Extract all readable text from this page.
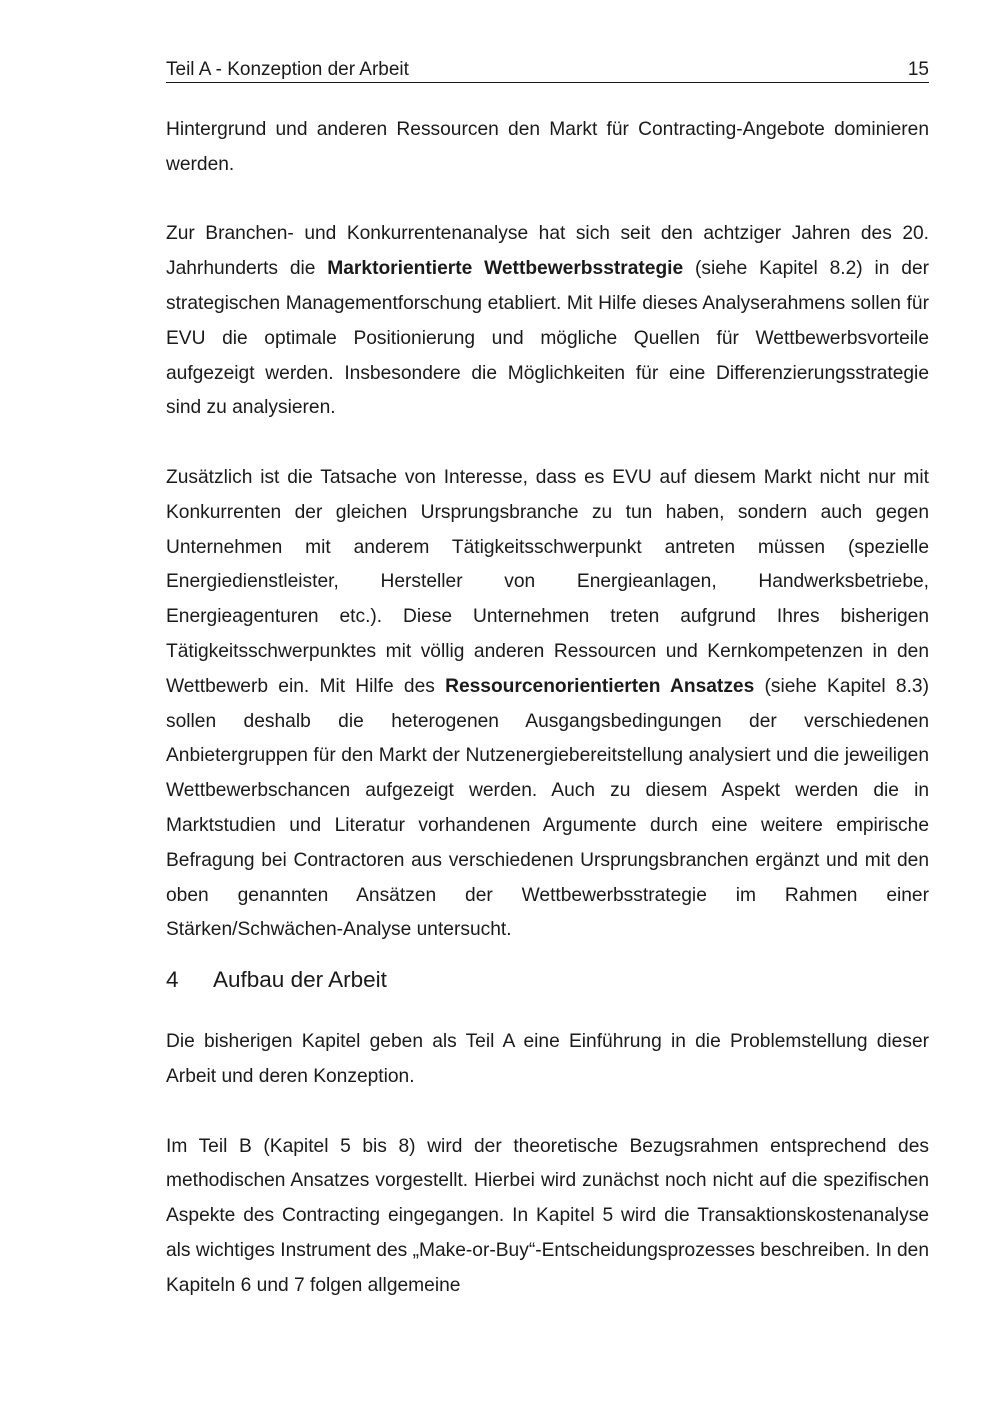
Teil A - Konzeption der Arbeit	15

Hintergrund und anderen Ressourcen den Markt für Contracting-Angebote dominieren werden.

Zur Branchen- und Konkurrentenanalyse hat sich seit den achtziger Jahren des 20. Jahrhunderts die Marktorientierte Wettbewerbsstrategie (siehe Kapitel 8.2) in der strategischen Managementforschung etabliert. Mit Hilfe dieses Analyserahmens sollen für EVU die optimale Positionierung und mögliche Quellen für Wettbewerbsvorteile aufgezeigt werden. Insbesondere die Möglichkeiten für eine Differenzierungsstrategie sind zu analysieren.

Zusätzlich ist die Tatsache von Interesse, dass es EVU auf diesem Markt nicht nur mit Konkurrenten der gleichen Ursprungsbranche zu tun haben, sondern auch gegen Unternehmen mit anderem Tätigkeitsschwerpunkt antreten müssen (spezielle Energiedienstleister, Hersteller von Energieanlagen, Handwerksbetriebe, Energieagenturen etc.). Diese Unternehmen treten aufgrund Ihres bisherigen Tätigkeitsschwerpunktes mit völlig anderen Ressourcen und Kernkompetenzen in den Wettbewerb ein. Mit Hilfe des Ressourcenorientierten Ansatzes (siehe Kapitel 8.3) sollen deshalb die heterogenen Ausgangsbedingungen der verschiedenen Anbietergruppen für den Markt der Nutzenergiebereitstellung analysiert und die jeweiligen Wettbewerbschancen aufgezeigt werden. Auch zu diesem Aspekt werden die in Marktstudien und Literatur vorhandenen Argumente durch eine weitere empirische Befragung bei Contractoren aus verschiedenen Ursprungsbranchen ergänzt und mit den oben genannten Ansätzen der Wettbewerbsstrategie im Rahmen einer Stärken/Schwächen-Analyse untersucht.

4 Aufbau der Arbeit

Die bisherigen Kapitel geben als Teil A eine Einführung in die Problemstellung dieser Arbeit und deren Konzeption.

Im Teil B (Kapitel 5 bis 8) wird der theoretische Bezugsrahmen entsprechend des methodischen Ansatzes vorgestellt. Hierbei wird zunächst noch nicht auf die spezifischen Aspekte des Contracting eingegangen. In Kapitel 5 wird die Transaktionskostenanalyse als wichtiges Instrument des „Make-or-Buy“-Entscheidungsprozesses beschreiben. In den Kapiteln 6 und 7 folgen allgemeine
